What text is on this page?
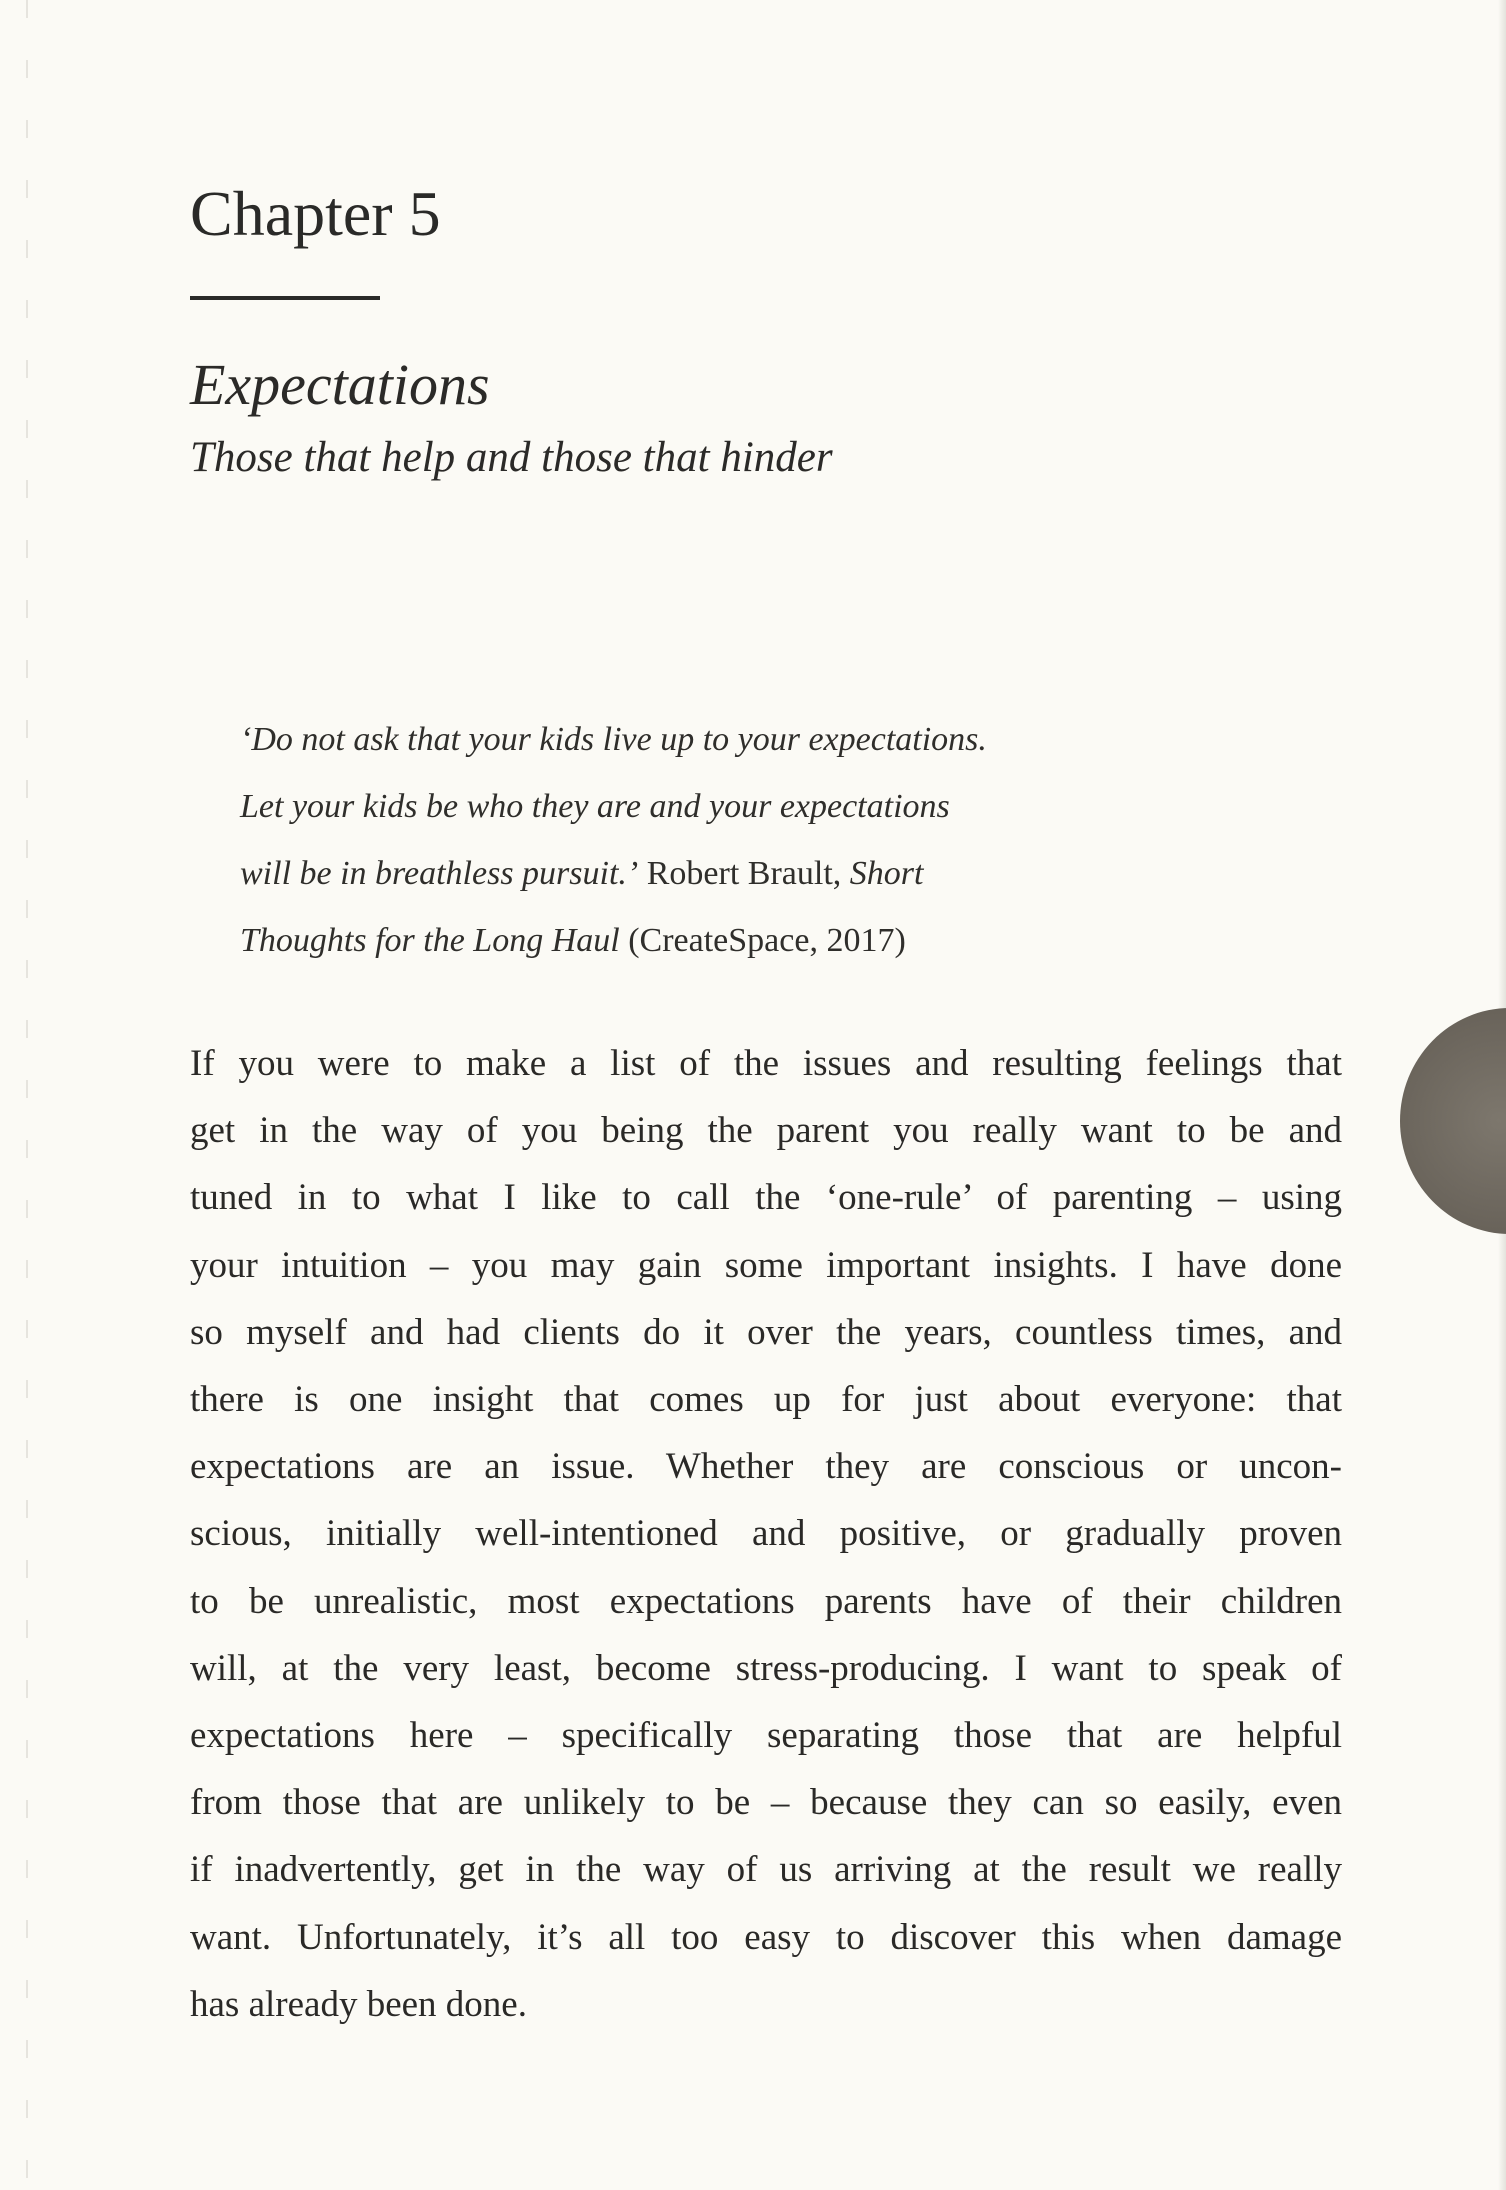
Chapter 5
Expectations
Those that help and those that hinder
‘Do not ask that your kids live up to your expectations.
Let your kids be who they are and your expectations
will be in breathless pursuit.’ Robert Brault, Short
Thoughts for the Long Haul (CreateSpace, 2017)
If you were to make a list of the issues and resulting feelings that
get in the way of you being the parent you really want to be and
tuned in to what I like to call the ‘one-rule’ of parenting – using
your intuition – you may gain some important insights. I have done
so myself and had clients do it over the years, countless times, and
there is one insight that comes up for just about everyone: that
expectations are an issue. Whether they are conscious or uncon-
scious, initially well-intentioned and positive, or gradually proven
to be unrealistic, most expectations parents have of their children
will, at the very least, become stress-producing. I want to speak of
expectations here – specifically separating those that are helpful
from those that are unlikely to be – because they can so easily, even
if inadvertently, get in the way of us arriving at the result we really
want. Unfortunately, it’s all too easy to discover this when damage
has already been done.
